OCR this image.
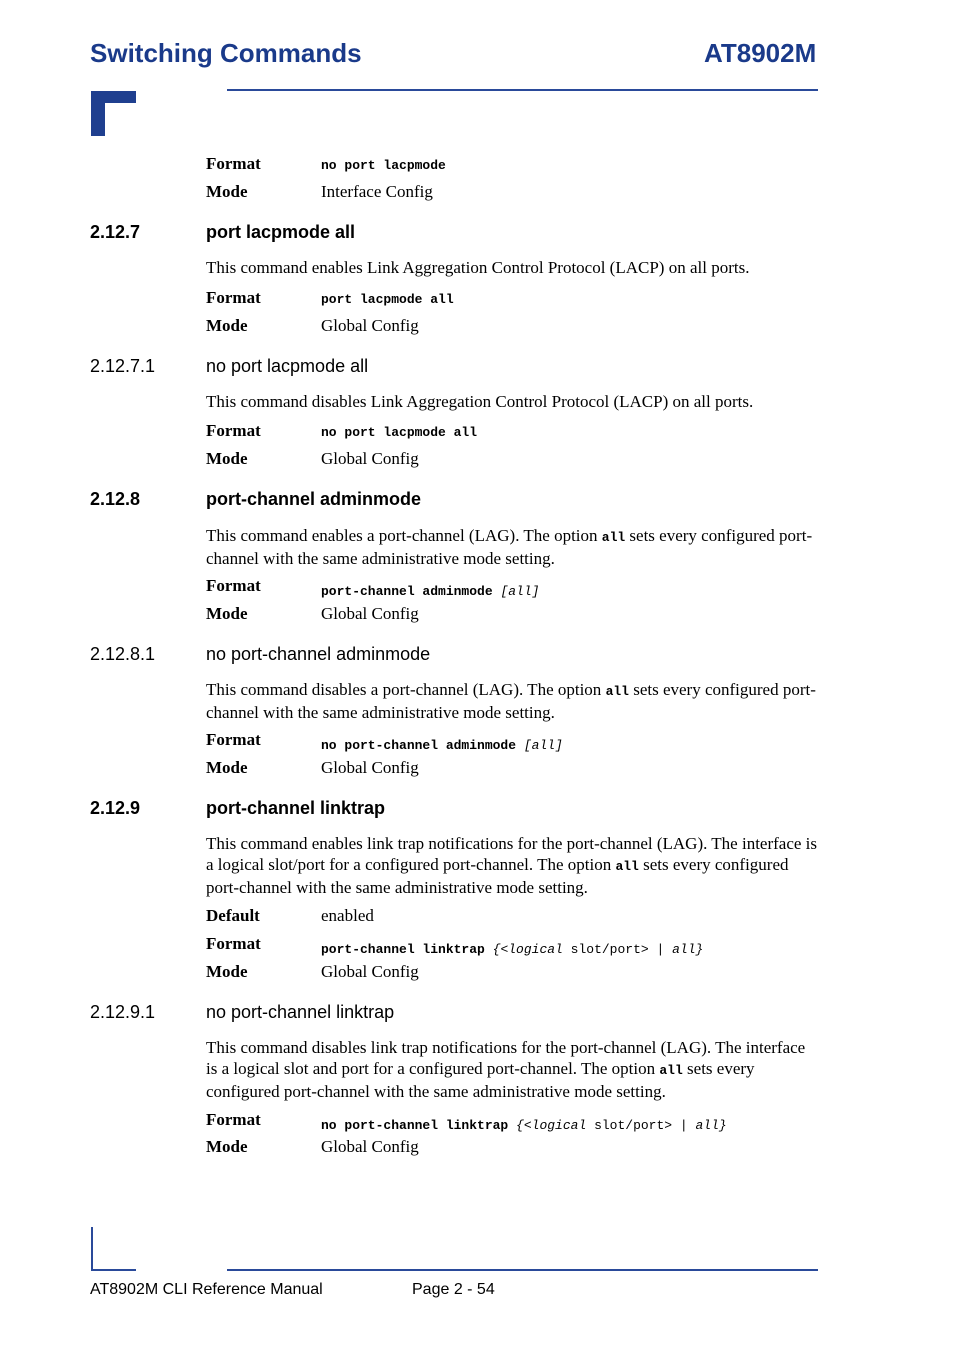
Switching Commands	AT8902M
Format	no port lacpmode
Mode	Interface Config
2.12.7	port lacpmode all
This command enables Link Aggregation Control Protocol (LACP) on all ports.
Format	port lacpmode all
Mode	Global Config
2.12.7.1	no port lacpmode all
This command disables Link Aggregation Control Protocol (LACP) on all ports.
Format	no port lacpmode all
Mode	Global Config
2.12.8	port-channel adminmode
This command enables a port-channel (LAG). The option all sets every configured port-channel with the same administrative mode setting.
Format	port-channel adminmode [all]
Mode	Global Config
2.12.8.1	no port-channel adminmode
This command disables a port-channel (LAG). The option all sets every configured port-channel with the same administrative mode setting.
Format	no port-channel adminmode [all]
Mode	Global Config
2.12.9	port-channel linktrap
This command enables link trap notifications for the port-channel (LAG). The interface is a logical slot/port for a configured port-channel. The option all sets every configured port-channel with the same administrative mode setting.
Default	enabled
Format	port-channel linktrap {<logical slot/port> | all}
Mode	Global Config
2.12.9.1	no port-channel linktrap
This command disables link trap notifications for the port-channel (LAG). The interface is a logical slot and port for a configured port-channel. The option all sets every configured port-channel with the same administrative mode setting.
Format	no port-channel linktrap {<logical slot/port> | all}
Mode	Global Config
AT8902M CLI Reference Manual	Page 2 - 54
